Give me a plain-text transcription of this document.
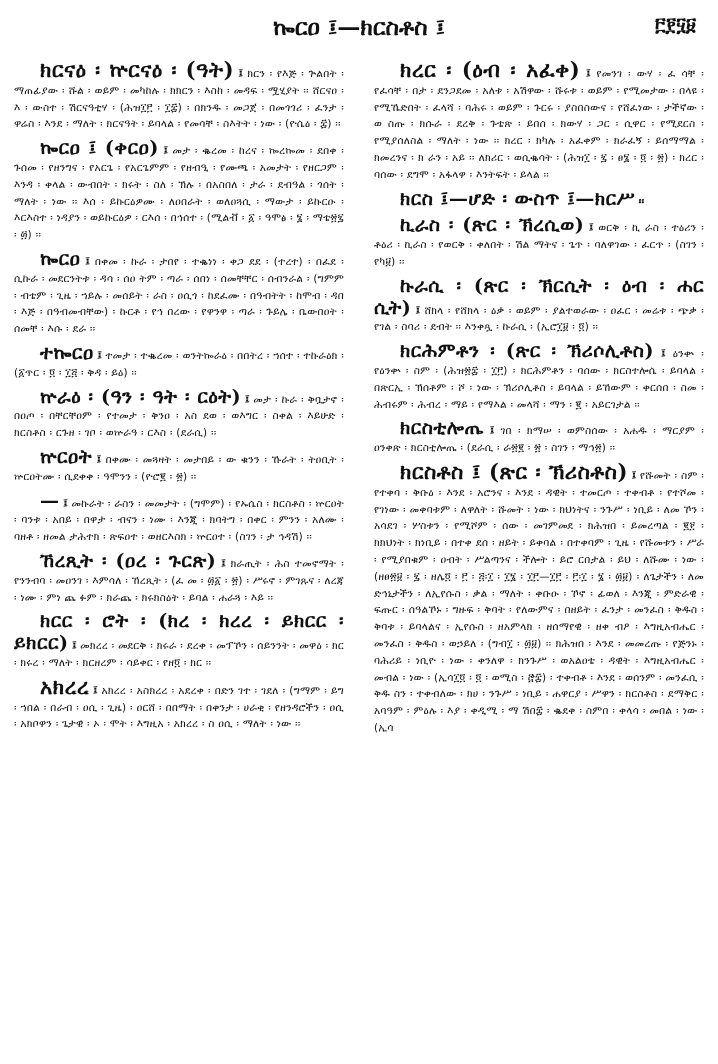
ኰርዐ ፤—ክርስቶስ ፤	፫፻፶፱

ክርናዕ ፡ ኵርናዕ ፡ (ዓት) ፤ ክርን ፡ የእጅ ፡ ጕልበት ፡ ማጠፊያው ፡ ሹል ፡ ወይም ፡ መካከሉ ፡ ክክርን ፡ እስከ ፡ መዳፍ ፡ ሟሂያት ፡፡ ሸርናዐ ፡ እ ፡ ውስተ ፡ ሽርናዓቲሃ ፡ (ሕዝ፲፫ ፡ ፲፰) ፡ በክንዱ ፡ መጋጀ ፡ በመጎጎሪ ፡ ፈንታ ፡ ዋሬስ ፡ እንደ ፡ ማለት ፡ ክርናዓት ፡ ይባላል ፡ የመሳቸ ፡ ስእትት ፡ ነው ፡ (ዮሴዕ ፡ ፰) ፡፡

ኰርዐ ፤ (ቀርዐ) ፤ መታ ፡ ቈረመ ፡ ከረና ፡ ኰረኰመ ፡ ደበቀ ፡ ጉሰመ ፡ የዘንግና ፡ የአርጌ ፡ የአርጌምም ፡ የዘብዒ ፡ የሙጫ ፡ አመታት ፡ የዘርጋም ፡ እንዳ ፡ ቀላል ፡ ውብበት ፡ ክሩት ፡ ስለ ፡ ኽሉ ፡ በአስበለ ፡ ታራ ፡ ደብዓል ፡ ጎሰት ፡ ማለት ፡ ነው ፡፡ እሰ ፡ ይኩርዕዎሙ ፡ ለዐበራት ፡ ወለዐጓሲ ፡ ማውታ ፡ ይኩርዑ ፡ እርእስተ ፡ ነዳያን ፡ ወይኩርዕዎ ፡ ርእሰ ፡ በኅሰተ ፡ (ሚልቭ ፡ ፩ ፡ ዓሞፅ ፡ ፮ ፡ ማቴ፳፯ ፡ ፴) ፡፡

ኰርዐ ፤ በቀመ ፡ ኩራ ፡ ታበየ ፡ ተቈነነ ፡ ቀጋ ደደ ፡ (ተረተ) ፡ በፈደ ፡ ሲኩራ ፡ መደርንትቱ ፡ ዳሳ ፡ ሰዐ ትም ፡ ጣራ ፡ ሰበነ ፡ ሰመቸቸር ፡ ሰብንራል ፡ (ግምም ፡ ብቴም ፡ ጊዜ ፡ ኀይሉ ፡ መሰይት ፡ ራስ ፡ ዐሲጎ ፡ ከደፈሙ ፡ በዓብትት ፡ ከሞብ ፡ ዳበ ፡ እጅ ፡ በዓብመብቸው) ፡ ኩርቶ ፡ የኅ በረው ፡ የዋንዋ ፡ ጣራ ፡ ጉይሌ ፡ ቤውበዐት ፡ ሰመቸ ፡ እሱ ፡ ደራ ፡፡

ተኰርዐ ፤ ተመታ ፡ ተቈረመ ፡ ወንትኰራዕ ፡ በበትረ ፡ ኀሰተ ፡ ተኩራዕክ ፡ (፩ጥር ፡ ፬ ፡ ፲፭ ፡ ቅዳ ፡ ይዕ) ፡፡

ኵራዕ ፡ (ዓን ፡ ዓት ፡ ርዕት) ፤ መታ ፡ ኩራ ፡ ቅቧታኖ ፡ በዐጦ ፡ በቸርቸዐም ፡ የተመታ ፡ ቅንዐ ፡ አስ ደወ ፡ ወእግር ፡ ስቀል ፡ እይሁድ ፡ ክርስቶስ ፡ ርጉዘ ፡ ገቦ ፡ ወኵራዓ ፡ ርእስ ፡ (ደራሲ) ፡፡

ኵርዐት ፤ በቀሙ ፡ መጓዛት ፡ መታበይ ፡ ው ቁንን ፡ ኹራት ፡ ትዐቢት ፡ ኵርዐትሙ ፡ ሲደቀቀ ፡ ዓሞንን ፡ (ዮሮ፪ ፡ ፳) ፡፡

— ፤ መኩራት ፡ ራስን ፡ መመታት ፡ (ግሞም) ፡ የኡሴስ ፡ ክርስቶስ ፡ ኵርዐት ፡ ባንቱ ፡ አበይ ፡ በዋታ ፡ ብናን ፡ ነሙ ፡ እንጂ ፡ ክባትግ ፡ በቀር ፡ ምንን ፡ አለሙ ፡ ባዘቶ ፡ ዘመል ታሕተክ ፡ ጽፍዐተ ፡ ወዘርእስክ ፡ ኵርዐተ ፡ (ስገን ፡ ታ ኅዳሽ) ፡፡

ኸረጺት ፡ (ዐረ ፡ ጉርጽ) ፤ ክራጢት ፡ ሕስ ተመኖማት ፡ የንንብባ ፡ መዐንገ ፡ እምሳለ ፡ ኸረጺት ፡ (ፈ መ ፡ ፴፩ ፡ ፳) ፡ ሥሩኖ ፡ ምገጹና ፡ ለረጃ ፡ ነሙ ፡ ምነ ጨ ፉም ፡ ክራጨ ፡ ክሩክስዕት ፡ ይባል ፡ ሐራጓ ፡ እይ ፡፡

ክርር ፡ ሮት ፡ (ክረ ፡ ክረረ ፡ ይክርር ፡ ይክርር) ፤ መክረረ ፡ መደርቅ ፡ ክሩራ ፡ ደረቀ ፡ መፕኾን ፡ ሰይንንት ፡ መዋዕ ፡ ክር ፡ ክሩረ ፡ ማለት ፡ ክርዘረም ፡ ሳይቀር ፡ የዘ፬ ፡ ክር ፡፡

አክረረ ፤ አክረረ ፡ አስክረረ ፡ አደረቀ ፡ በድን ገተ ፡ ገደለ ፡ (ግማም ፡ ይግ ፡ ኀበል ፡ በራብ ፡ ዐሲ ፡ ጊዜ) ፡ ዐርሸ ፡ በበማት ፡ በቀንታ ፡ ሀራቂ ፡ የዘንዳሮችን ፡ ዐሲ ፡ አክቦዋን ፡ ጌታዊ ፡ ኦ ፡ ሞት ፡ እግዚአ ፡ አክረረ ፡ ስ ዐሲ ፡ ማለት ፡ ነው ፡፡

ክረር ፡ (ዕብ ፡ አፈቀ) ፤ የመንገ ፡ ውሃ ፡ ፈ ሳቸ ፡ የፈሳቸ ፡ በታ ፡ ደንጋደመ ፡ አለቱ ፡ አሽዋው ፡ ሹሩቱ ፡ ወይም ፡ የሚመታው ፡ በላዩ ፡ የሚኼድበት ፡ ፈላሻ ፡ ባሕሩ ፡ ወይም ፡ ጉርሩ ፡ ያስበስውና ፡ የሸፈነው ፡ ታችኛው ፡ ወ ስጡ ፡ ክሱራ ፡ ደረቅ ፡ ጉቴጽ ፡ ይበሰ ፡ ክውሃ ፡ ጋር ፡ ሲዋር ፡ የሚደርስ ፡ የሚያሰለስል ፡ ማለት ፡ ነው ፡፡ ክረር ፡ ክካሉ ፡ አፈቀም ፡ ክራፈኝ ፡ ይሰማማል ፡ ክመረንና ፡ ክ ራን ፡ አይ ፡፡ ለክሪር ፡ ወሲቈሳት ፡ (ሕዝ፲ ፡ ፯ ፡ ፀ፮ ፡ ፬ ፡ ፳) ፡ ክረር ፡ ባሰው ፡ ደግሞ ፡ አፋላዋ ፡ እንትፍት ፡ ይላል ፡፡

ክርስ ፤—ሆድ ፡ ውስጥ ፤—ክርሥ ፡፡

ኪራስ ፡ (ጽር ፡ ኽረሲወ) ፤ ወርቅ ፡ ኪ ራስ ፡ ተዕሪን ፡ ቶዕሪ ፡ ኪራስ ፡ የወርቅ ፡ ቀለበት ፡ ሽል ማትና ፡ ጌጥ ፡ ባለዋገው ፡ ፈርጥ ፡ (ስገን ፡ የካ፱) ፡፡

ኩራሲ ፡ (ጽር ፡ ኽርሲት ፡ ዕብ ፡ ሐር ሲት) ፤ ሸክላ ፡ የሸክላ ፡ ዕቃ ፡ ወይም ፡ ያልተወራው ፡ ዐፈር ፡ መሬቱ ፡ ጭቃ ፡ የገል ፡ ስባሪ ፡ ደብት ፡፡ እንቀጿ ፡ ኩራሲ ፡ (ኢሮ፲፱ ፡ ፬) ፡፡

ክርሕምቶን ፡ (ጽር ፡ ኽሪሶሊቶስ) ፤ ዕንቍ ፡ የዕንቍ ፡ ስም ፡ (ሕዝ፳፰ ፡ ፲፫) ፡ ክርሕምቶን ፡ ባሰው ፡ ክርስተሎሴ ፡ ይባላል ፡ በጽርኢ ፡ ኽሰቶም ፡ ሾ ፡ ነው ፡ ኽሪሶሊቶስ ፡ ይባላል ፡ ይኸውም ፡ ቀርሰበ ፡ ስመ ፡ ሕብሩም ፡ ሕብረ ፡ ማይ ፡ የማእል ፡ መላሻ ፡ ማን ፡ ፪ ፡ አይርገታል ፡፡

ክርስቲሎጤ ፤ ገበ ፡ ክማሠ ፡ ወምስሰው ፡ አሐዱ ፡ ማርያም ፡ ዐንቀጽ ፡ ክርስቲሎጤ ፡ (ደራሲ ፡ ራ፳፪ ፡ ፳ ፡ ስገን ፡ ማኅ፳) ፡፡

ክርስቶስ ፤ (ጽር ፡ ኽሪስቶስ) ፤ የሹመት ፡ ስም ፡ የተቀባ ፡ ቅቡዕ ፡ እንደ ፡ አሮንና ፡ እንደ ፡ ዳዊት ፡ ተመርጦ ፡ ተቀብቶ ፡ የተሾመ ፡ የገነው ፡ መቀባቱም ፡ ለዋለት ፡ ሹመት ፡ ነው ፡ ክህነትና ፡ ንጉሥ ፡ ነቢይ ፡ ለመ ኾን ፡ አሳደገ ፡ ሦስቱን ፡ የሚሾም ፡ ሰው ፡ መገምመደ ፡ ክሕዝበ ፡ ይመረጣል ፡ ፪፻ ፡ ክክህነት ፡ ክነቢይ ፡ በተቀ ደሰ ፡ ዘይት ፡ ይቀባል ፡ በተቀባም ፡ ጊዜ ፡ የሹመቱን ፡ ሥራ ፡ የሚያበቁም ፡ ዐብት ፡ ሥልጣንና ፡ ችሎት ፡ ይሮ ርበታል ፡ ይህ ፡ ለሹሙ ፡ ነው ፡ (ዘፀ፳፱ ፡ ፯ ፡ ዘሌ፬ ፡ ፫ ፡ ፭፡፲ ፡ ፲፮ ፡ ፲፫—፲፫ ፡ ፫፡፲ ፡ ፮ ፡ ፴፱) ፡ ለጌታችን ፡ ለመ ድኅኒታችን ፡ ለኢየሱስ ፡ ቃል ፡ ማለት ፡ ቀቡዑ ፡ ኾኖ ፡ ፊወለ ፡ እንጂ ፡ ምድራዊ ፡ ፍጡር ፡ ሰዓልኾኑ ፡ ግዙፍ ፡ ቅባት ፡ የለውምና ፡ በዘይት ፡ ፈንታ ፡ መንፈስ ፡ ቅዱስ ፡ ቅባቱ ፡ ይባላልና ፡ ኢየሱስ ፡ ዘአምላክ ፡ ዘሰማየዊ ፡ ዘቀ ብዖ ፡ እግዚአብሔር ፡ መንፈስ ፡ ቅዱስ ፡ ወኃይለ ፡ (ግብ፲ ፡ ፴፱) ፡፡ ክሕዝበ ፡ እንደ ፡ መመረጡ ፡ የጅንኑ ፡ ባሕሪይ ፡ ነቢዮ ፡ ነው ፡ ቀንለዋ ፡ ክንጉሥ ፡ ወአልዐቴ ፡ ዳዊት ፡ እግዚአብሔር ፡ መብል ፡ ነው ፡ (ኢሳ፲፬ ፡ ፬ ፡ ወሚስ ፡ ፸፰) ፡ ተቀብቶ ፡ እንደ ፡ ወሰንም ፡ መንፈሲ ፡ ቅዱ ስን ፡ ተቀብለው ፡ ክሀ ፡ ንጉሥ ፡ ነቢይ ፡ ሐዋርያ ፡ ሥዋን ፡ ክርስቶስ ፡ ደማቅር ፡ አባዓም ፡ ምዕሉ ፡ እያ ፡ ቀዲሚ ፡ ማ ሽበ፰ ፡ ቈደቀ ፡ ስምበ ፡ ቀላሳ ፡ መበል ፡ ነው ፡ (ኢሳ
